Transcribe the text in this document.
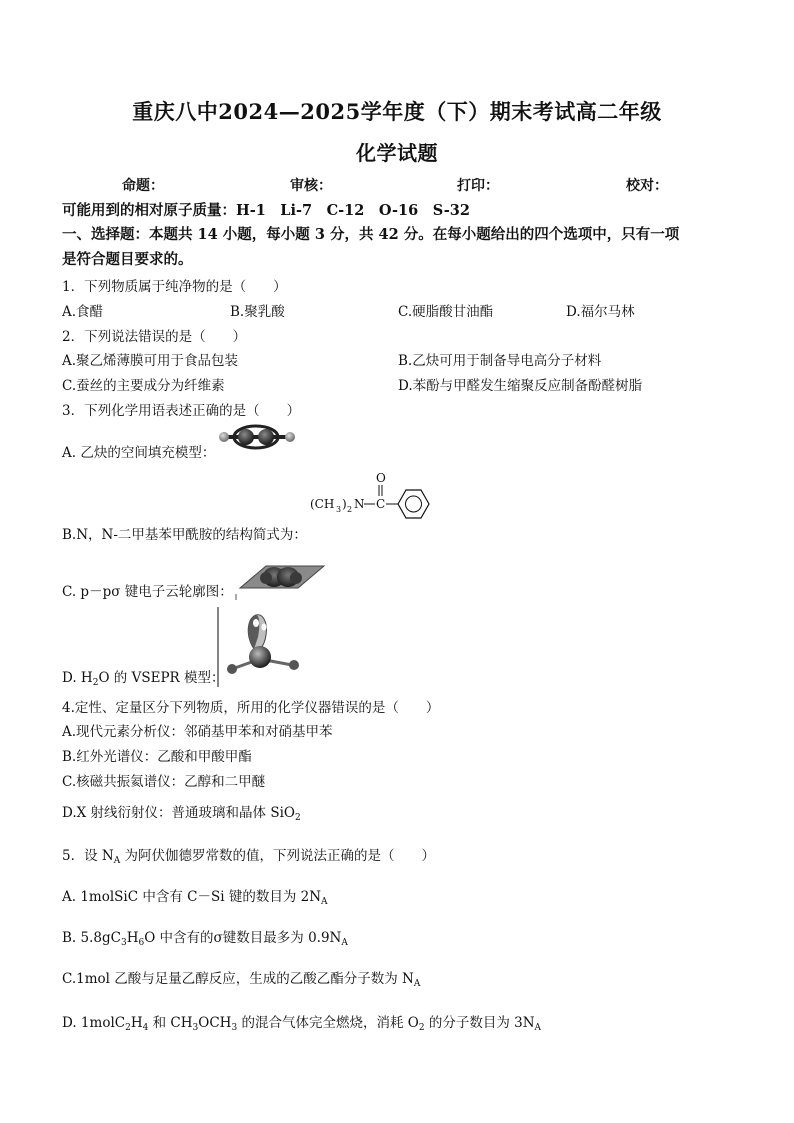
重庆八中2024—2025学年度（下）期末考试高二年级
化学试题
命题：	审核：	打印：	校对：
可能用到的相对原子质量：H-1　Li-7　C-12　O-16　S-32
一、选择题：本题共 14 小题，每小题 3 分，共 42 分。在每小题给出的四个选项中，只有一项
是符合题目要求的。
1．下列物质属于纯净物的是（　　）
A.食醋	B.聚乳酸	C.硬脂酸甘油酯	D.福尔马林
2．下列说法错误的是（　　）
A.聚乙烯薄膜可用于食品包装	B.乙炔可用于制备导电高分子材料
C.蚕丝的主要成分为纤维素	D.苯酚与甲醛发生缩聚反应制备酚醛树脂
3．下列化学用语表述正确的是（　　）
A. 乙炔的空间填充模型：
B.N，N-二甲基苯甲酰胺的结构简式为：
(CH 3 ) 2 N C
O
C. p－pσ 键电子云轮廓图：
D. $H_2O$ 的 VSEPR 模型：
4.定性、定量区分下列物质，所用的化学仪器错误的是（　　）
A.现代元素分析仪：邻硝基甲苯和对硝基甲苯
B.红外光谱仪：乙酸和甲酸甲酯
C.核磁共振氦谱仪：乙醇和二甲醚
D.X 射线衍射仪：普通玻璃和晶体 SiO$_2$
5．设 $N_A$ 为阿伏伽德罗常数的值，下列说法正确的是（　　）
A. 1molSiC 中含有 C－Si 键的数目为 $2N_A$
B. $5.8gC_3H_6O$ 中含有的σ键数目最多为 $0.9N_A$
C.1mol 乙酸与足量乙醇反应，生成的乙酸乙酯分子数为 $N_A$
D. $1molC_2H_4$ 和 $CH_3OCH_3$ 的混合气体完全燃烧，消耗 $O_2$ 的分子数目为 $3N_A$
